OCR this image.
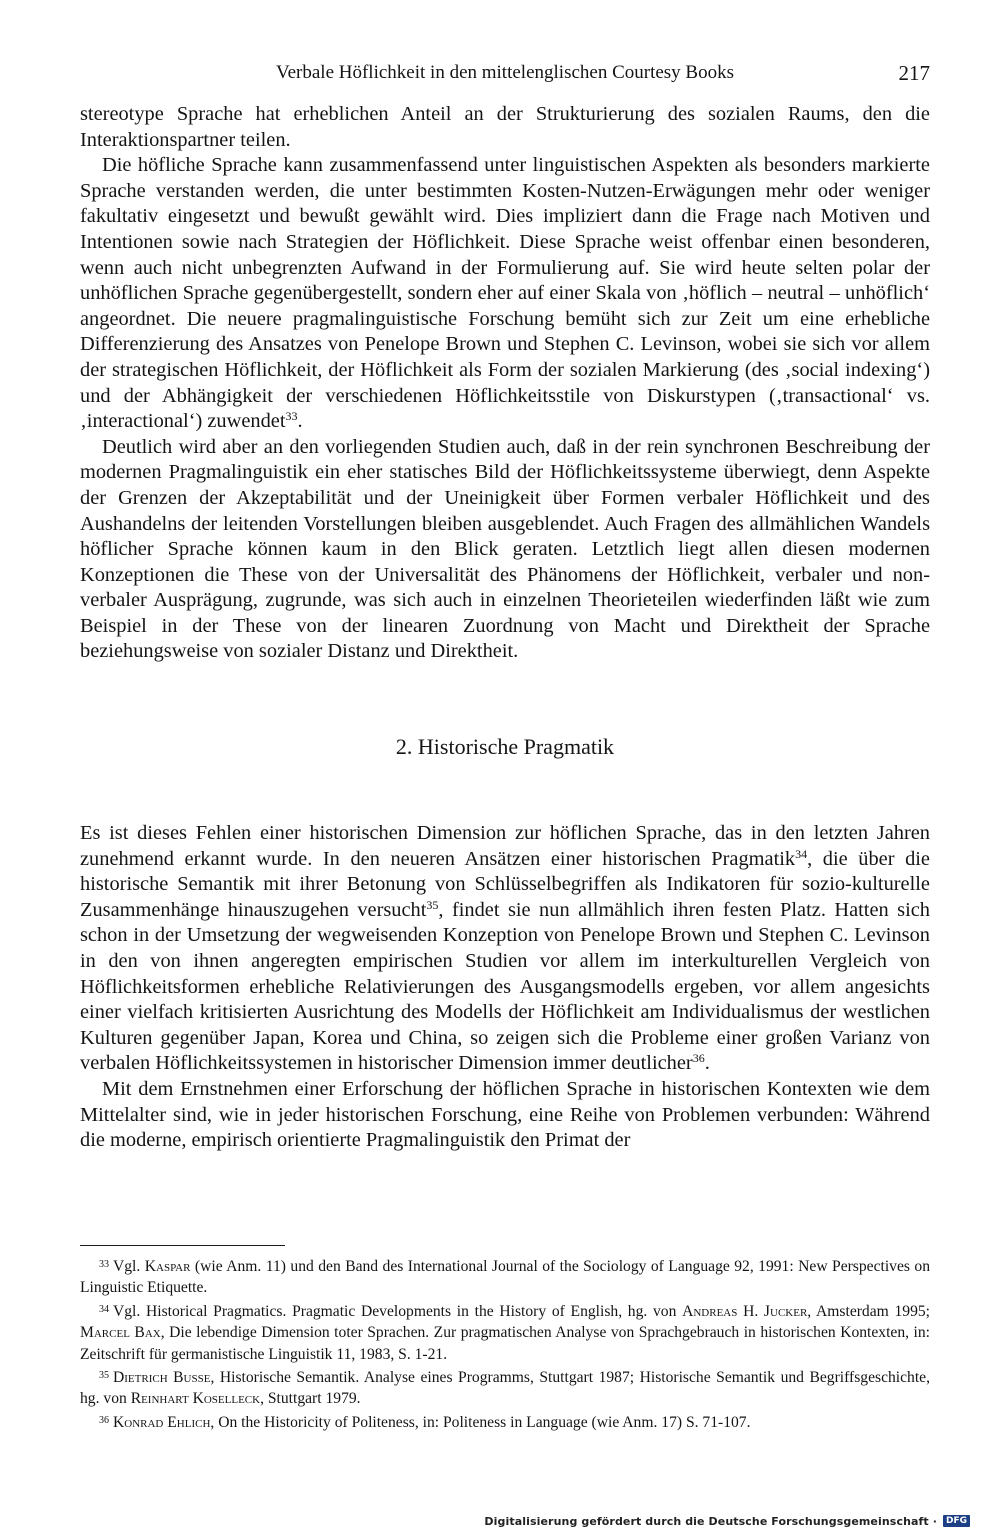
Verbale Höflichkeit in den mittelenglischen Courtesy Books	217

stereotype Sprache hat erheblichen Anteil an der Strukturierung des sozialen Raums, den die Interaktionspartner teilen.

Die höfliche Sprache kann zusammenfassend unter linguistischen Aspekten als besonders markierte Sprache verstanden werden, die unter bestimmten Kosten-Nutzen-Erwägungen mehr oder weniger fakultativ eingesetzt und bewußt gewählt wird. Dies impliziert dann die Frage nach Motiven und Intentionen sowie nach Strategien der Höflichkeit. Diese Sprache weist offenbar einen besonderen, wenn auch nicht unbegrenzten Aufwand in der Formulierung auf. Sie wird heute selten polar der unhöflichen Sprache gegenübergestellt, sondern eher auf einer Skala von ‚höflich – neutral – unhöflich‘ angeordnet. Die neuere pragmalinguistische Forschung bemüht sich zur Zeit um eine erhebliche Differenzierung des Ansatzes von Penelope Brown und Stephen C. Levinson, wobei sie sich vor allem der strategischen Höflichkeit, der Höflichkeit als Form der sozialen Markierung (des ‚social indexing‘) und der Abhängigkeit der verschiedenen Höflichkeitsstile von Diskurstypen (‚transactional‘ vs. ‚interactional‘) zuwendet$^{33}$.

Deutlich wird aber an den vorliegenden Studien auch, daß in der rein synchronen Beschreibung der modernen Pragmalinguistik ein eher statisches Bild der Höflichkeitssysteme überwiegt, denn Aspekte der Grenzen der Akzeptabilität und der Uneinigkeit über Formen verbaler Höflichkeit und des Aushandelns der leitenden Vorstellungen bleiben ausgeblendet. Auch Fragen des allmählichen Wandels höflicher Sprache können kaum in den Blick geraten. Letztlich liegt allen diesen modernen Konzeptionen die These von der Universalität des Phänomens der Höflichkeit, verbaler und non-verbaler Ausprägung, zugrunde, was sich auch in einzelnen Theorieteilen wiederfinden läßt wie zum Beispiel in der These von der linearen Zuordnung von Macht und Direktheit der Sprache beziehungsweise von sozialer Distanz und Direktheit.

2. Historische Pragmatik

Es ist dieses Fehlen einer historischen Dimension zur höflichen Sprache, das in den letzten Jahren zunehmend erkannt wurde. In den neueren Ansätzen einer historischen Pragmatik$^{34}$, die über die historische Semantik mit ihrer Betonung von Schlüsselbegriffen als Indikatoren für sozio-kulturelle Zusammenhänge hinauszugehen versucht$^{35}$, findet sie nun allmählich ihren festen Platz. Hatten sich schon in der Umsetzung der wegweisenden Konzeption von Penelope Brown und Stephen C. Levinson in den von ihnen angeregten empirischen Studien vor allem im interkulturellen Vergleich von Höflichkeitsformen erhebliche Relativierungen des Ausgangsmodells ergeben, vor allem angesichts einer vielfach kritisierten Ausrichtung des Modells der Höflichkeit am Individualismus der westlichen Kulturen gegenüber Japan, Korea und China, so zeigen sich die Probleme einer großen Varianz von verbalen Höflichkeitssystemen in historischer Dimension immer deutlicher$^{36}$.

Mit dem Ernstnehmen einer Erforschung der höflichen Sprache in historischen Kontexten wie dem Mittelalter sind, wie in jeder historischen Forschung, eine Reihe von Problemen verbunden: Während die moderne, empirisch orientierte Pragmalinguistik den Primat der

$^{33}$ Vgl. Kaspar (wie Anm. 11) und den Band des International Journal of the Sociology of Language 92, 1991: New Perspectives on Linguistic Etiquette.

$^{34}$ Vgl. Historical Pragmatics. Pragmatic Developments in the History of English, hg. von Andreas H. Jucker, Amsterdam 1995; Marcel Bax, Die lebendige Dimension toter Sprachen. Zur pragmatischen Analyse von Sprachgebrauch in historischen Kontexten, in: Zeitschrift für germanistische Linguistik 11, 1983, S. 1-21.

$^{35}$ Dietrich Busse, Historische Semantik. Analyse eines Programms, Stuttgart 1987; Historische Semantik und Begriffsgeschichte, hg. von Reinhart Koselleck, Stuttgart 1979.

$^{36}$ Konrad Ehlich, On the Historicity of Politeness, in: Politeness in Language (wie Anm. 17) S. 71-107.

Digitalisierung gefördert durch die Deutsche Forschungsgemeinschaft ·	DFG
